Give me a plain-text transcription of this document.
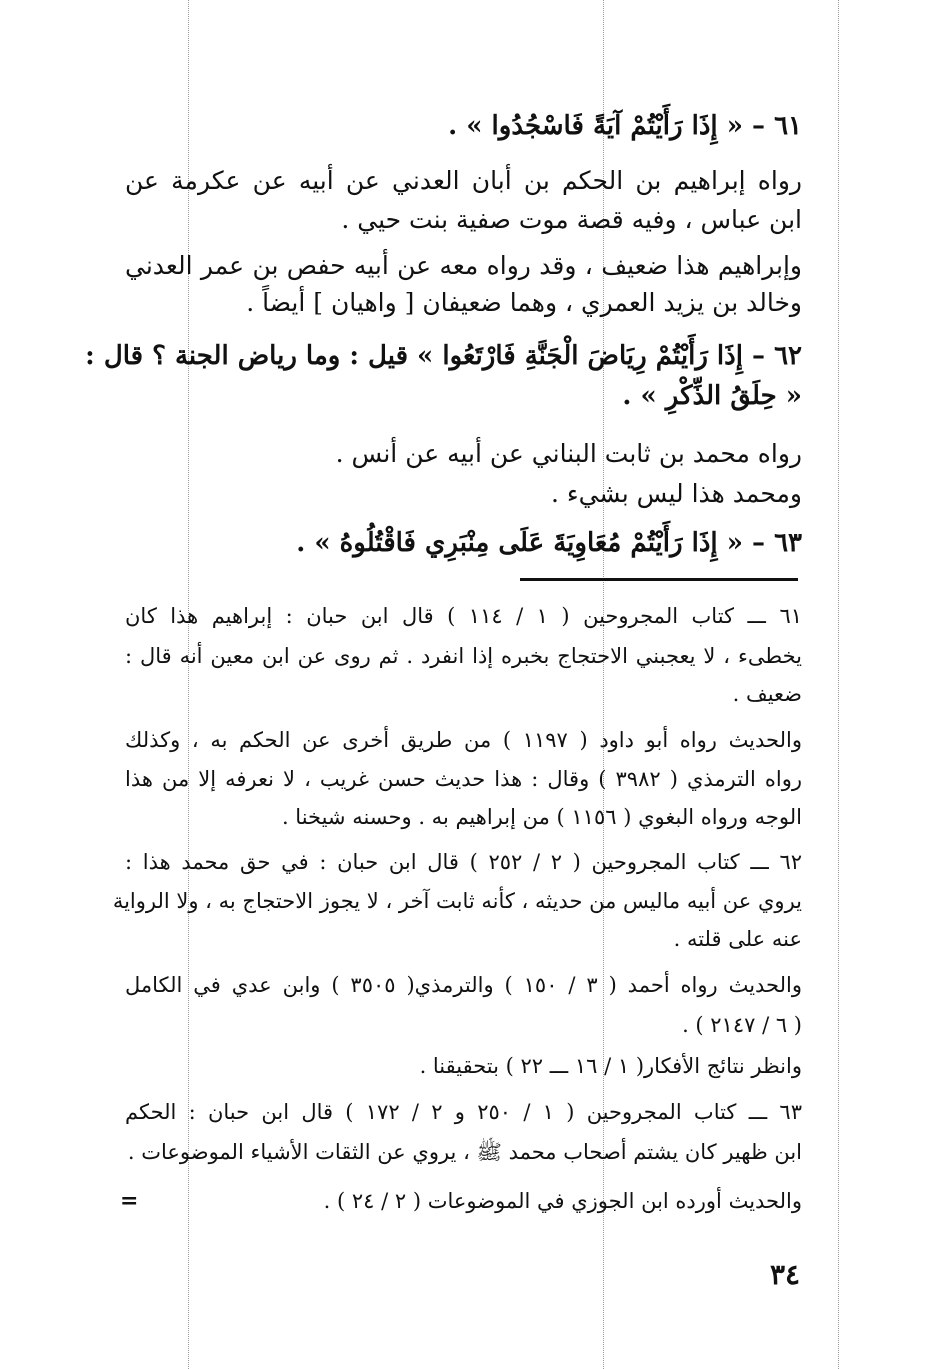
٦١ – « إِذَا رَأَيْتُمْ آيَةً فَاسْجُدُوا » .
رواه إبراهيم بن الحكم بن أبان العدني عن أبيه عن عكرمة عن
ابن عباس ، وفيه قصة موت صفية بنت حيي .
وإبراهيم هذا ضعيف ، وقد رواه معه عن أبيه حفص بن عمر العدني
وخالد بن يزيد العمري ، وهما ضعيفان [ واهيان ] أيضاً .
٦٢ – إِذَا رَأَيْتُمْ رِيَاضَ الْجَنَّةِ فَارْتَعُوا » قيل : وما رياض الجنة ؟ قال :
« حِلَقُ الذِّكْرِ » .
رواه محمد بن ثابت البناني عن أبيه عن أنس .
ومحمد هذا ليس بشيء .
٦٣ – « إِذَا رَأَيْتُمْ مُعَاوِيَةَ عَلَى مِنْبَرِي فَاقْتُلُوهُ » .
٦١ ـــ كتاب المجروحين ( ١ / ١١٤ ) قال ابن حبان : إبراهيم هذا كان
يخطىء ، لا يعجبني الاحتجاج بخبره إذا انفرد . ثم روى عن ابن معين أنه قال :
ضعيف .
والحديث رواه أبو داود ( ١١٩٧ ) من طريق أخرى عن الحكم به ، وكذلك
رواه الترمذي ( ٣٩٨٢ ) وقال : هذا حديث حسن غريب ، لا نعرفه إلا من هذا
الوجه ورواه البغوي ( ١١٥٦ ) من إبراهيم به . وحسنه شيخنا .
٦٢ ـــ كتاب المجروحين ( ٢ / ٢٥٢ ) قال ابن حبان : في حق محمد هذا :
يروي عن أبيه ماليس من حديثه ، كأنه ثابت آخر ، لا يجوز الاحتجاج به ، ولا الرواية
عنه على قلته .
والحديث رواه أحمد ( ٣ / ١٥٠ ) والترمذي( ٣٥٠٥ ) وابن عدي في الكامل
( ٦ / ٢١٤٧ ) .
وانظر نتائج الأفكار( ١ / ١٦ ـــ ٢٢ ) بتحقيقنا .
٦٣ ـــ كتاب المجروحين ( ١ / ٢٥٠ و ٢ / ١٧٢ ) قال ابن حبان : الحكم
ابن ظهير كان يشتم أصحاب محمد ﷺ ، يروي عن الثقات الأشياء الموضوعات .
والحديث أورده ابن الجوزي في الموضوعات ( ٢ / ٢٤ ) .
=
٣٤
